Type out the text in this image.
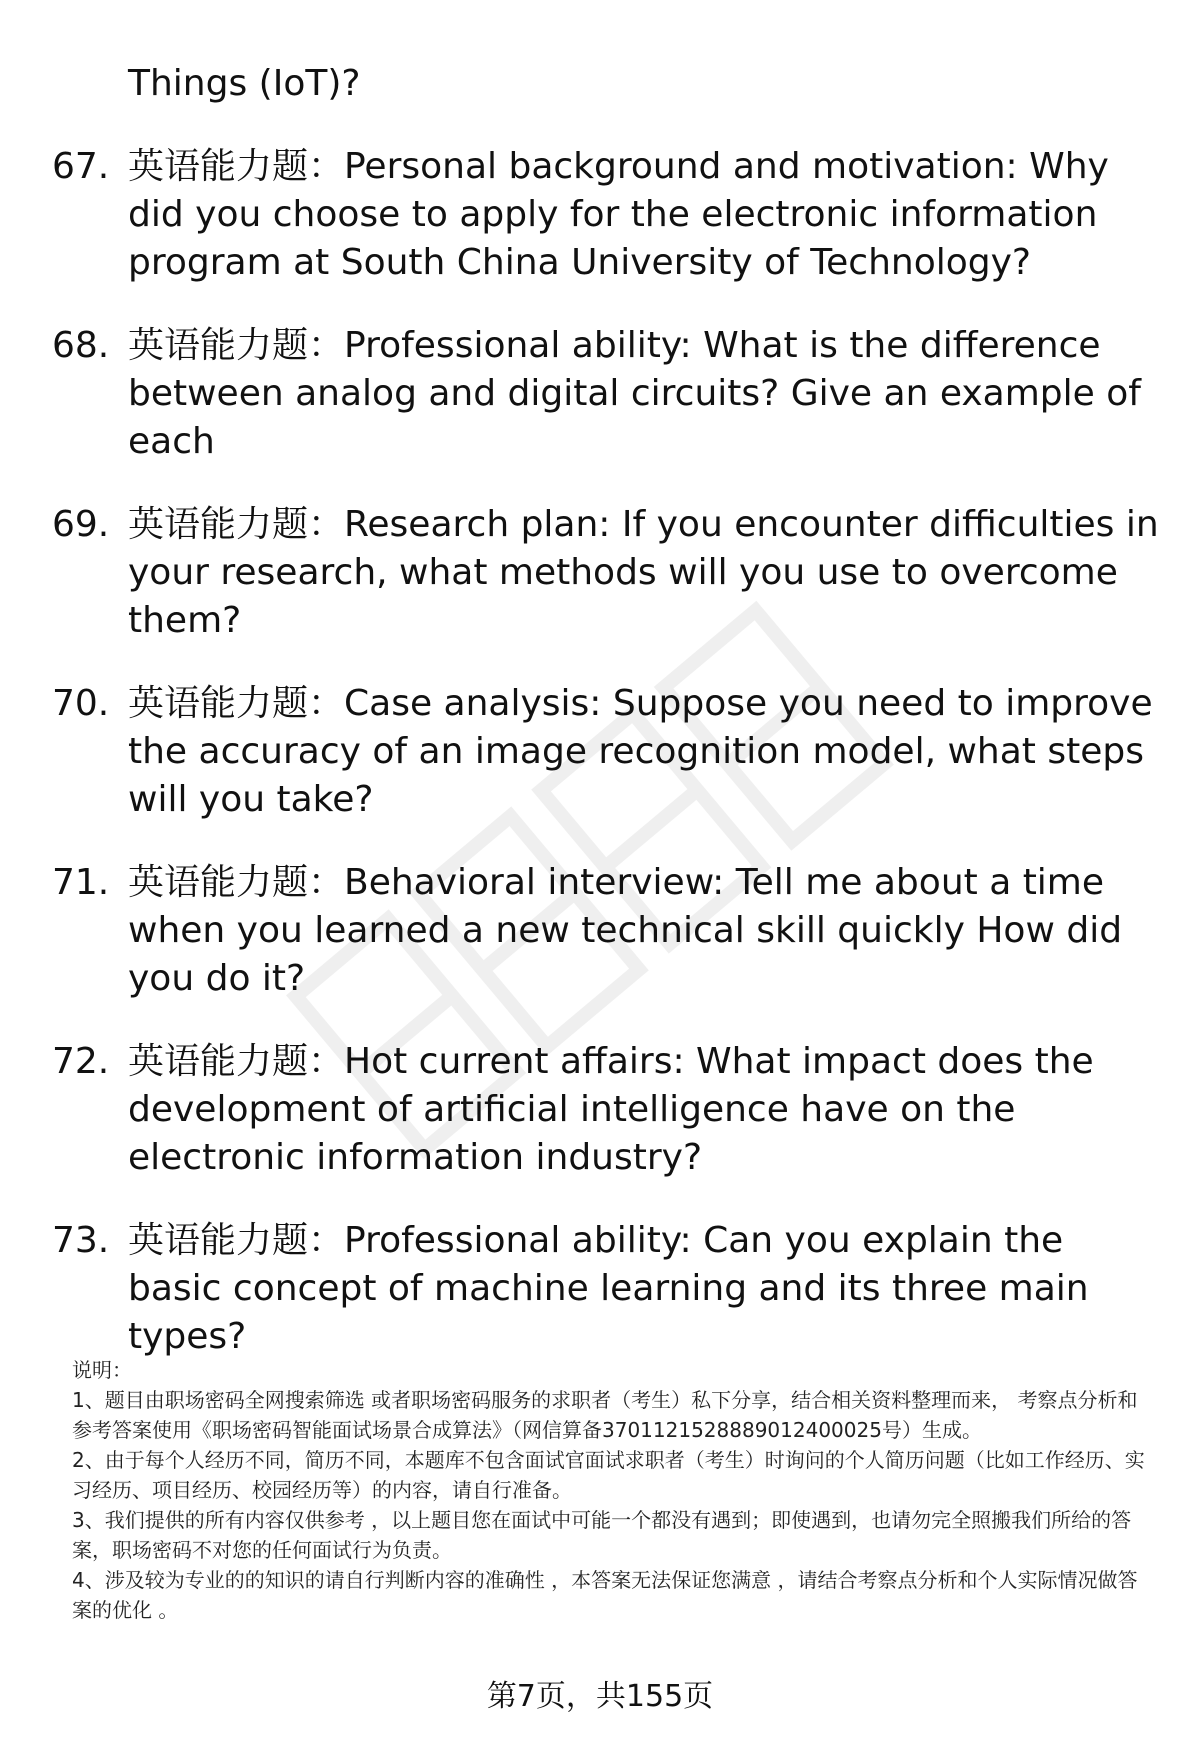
Things (IoT)?

67. 英语能力题：Personal background and motivation: Why did you choose to apply for the electronic information program at South China University of Technology?
68. 英语能力题：Professional ability: What is the difference between analog and digital circuits? Give an example of each
69. 英语能力题：Research plan: If you encounter difficulties in your research, what methods will you use to overcome them?
70. 英语能力题：Case analysis: Suppose you need to improve the accuracy of an image recognition model, what steps will you take?
71. 英语能力题：Behavioral interview: Tell me about a time when you learned a new technical skill quickly How did you do it?
72. 英语能力题：Hot current affairs: What impact does the development of artificial intelligence have on the electronic information industry?
73. 英语能力题：Professional ability: Can you explain the basic concept of machine learning and its three main types?

说明：

1、题目由职场密码全网搜索筛选 或者职场密码服务的求职者（考生）私下分享，结合相关资料整理而来， 考察点分析和参考答案使用《职场密码智能面试场景合成算法》（网信算备3701121528889012400025号）生成。

2、由于每个人经历不同，简历不同，本题库不包含面试官面试求职者（考生）时询问的个人简历问题（比如工作经历、实习经历、项目经历、校园经历等）的内容，请自行准备。

3、我们提供的所有内容仅供参考 ，以上题目您在面试中可能一个都没有遇到；即使遇到，也请勿完全照搬我们所给的答案，职场密码不对您的任何面试行为负责。

4、涉及较为专业的的知识的请自行判断内容的准确性 ，本答案无法保证您满意 ，请结合考察点分析和个人实际情况做答案的优化 。

第7页，共155页
